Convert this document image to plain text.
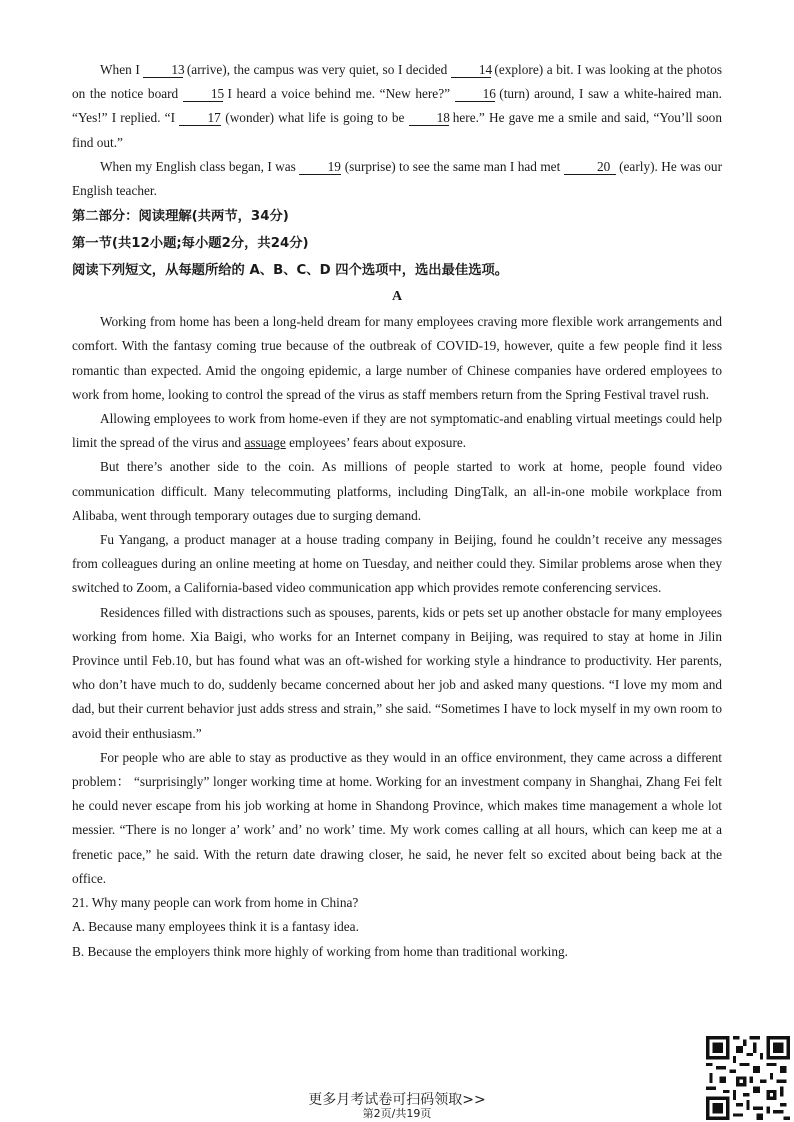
When I 13 (arrive), the campus was very quiet, so I decided 14 (explore) a bit. I was looking at the photos on the notice board 15 I heard a voice behind me. “New here?” 16 (turn) around, I saw a white-haired man. “Yes!” I replied. “I 17 (wonder) what life is going to be 18 here.” He gave me a smile and said, “You’ll soon find out.”

When my English class began, I was 19 (surprise) to see the same man I had met	20 (early). He was our English teacher.

第二部分：阅读理解(共两节，34分)

第一节(共12小题;每小题2分，共24分)

阅读下列短文，从每题所给的 A、B、C、D 四个选项中，选出最佳选项。

A

Working from home has been a long-held dream for many employees craving more flexible work arrangements and comfort. With the fantasy coming true because of the outbreak of COVID-19, however, quite a few people find it less romantic than expected. Amid the ongoing epidemic, a large number of Chinese companies have ordered employees to work from home, looking to control the spread of the virus as staff members return from the Spring Festival travel rush.

Allowing employees to work from home-even if they are not symptomatic-and enabling virtual meetings could help limit the spread of the virus and assuage employees’ fears about exposure.

But there’s another side to the coin. As millions of people started to work at home, people found video communication difficult. Many telecommuting platforms, including DingTalk, an all-in-one mobile workplace from Alibaba, went through temporary outages due to surging demand.

Fu Yangang, a product manager at a house trading company in Beijing, found he couldn’t receive any messages from colleagues during an online meeting at home on Tuesday, and neither could they. Similar problems arose when they switched to Zoom, a California-based video communication app which provides remote conferencing services.

Residences filled with distractions such as spouses, parents, kids or pets set up another obstacle for many employees working from home. Xia Baigi, who works for an Internet company in Beijing, was required to stay at home in Jilin Province until Feb.10, but has found what was an oft-wished for working style a hindrance to productivity. Her parents, who don’t have much to do, suddenly became concerned about her job and asked many questions. “I love my mom and dad, but their current behavior just adds stress and strain,” she said. “Sometimes I have to lock myself in my own room to avoid their enthusiasm.”

For people who are able to stay as productive as they would in an office environment, they came across a different problem： “surprisingly” longer working time at home. Working for an investment company in Shanghai, Zhang Fei felt he could never escape from his job working at home in Shandong Province, which makes time management a whole lot messier. “There is no longer a’ work’ and’ no work’ time. My work comes calling at all hours, which can keep me at a frenetic pace,” he said. With the return date drawing closer, he said, he never felt so excited about being back at the office.

21. Why many people can work from home in China?

A. Because many employees think it is a fantasy idea.

B. Because the employers think more highly of working from home than traditional working.

更多月考试卷可扫码领取>>
第2页/共19页
